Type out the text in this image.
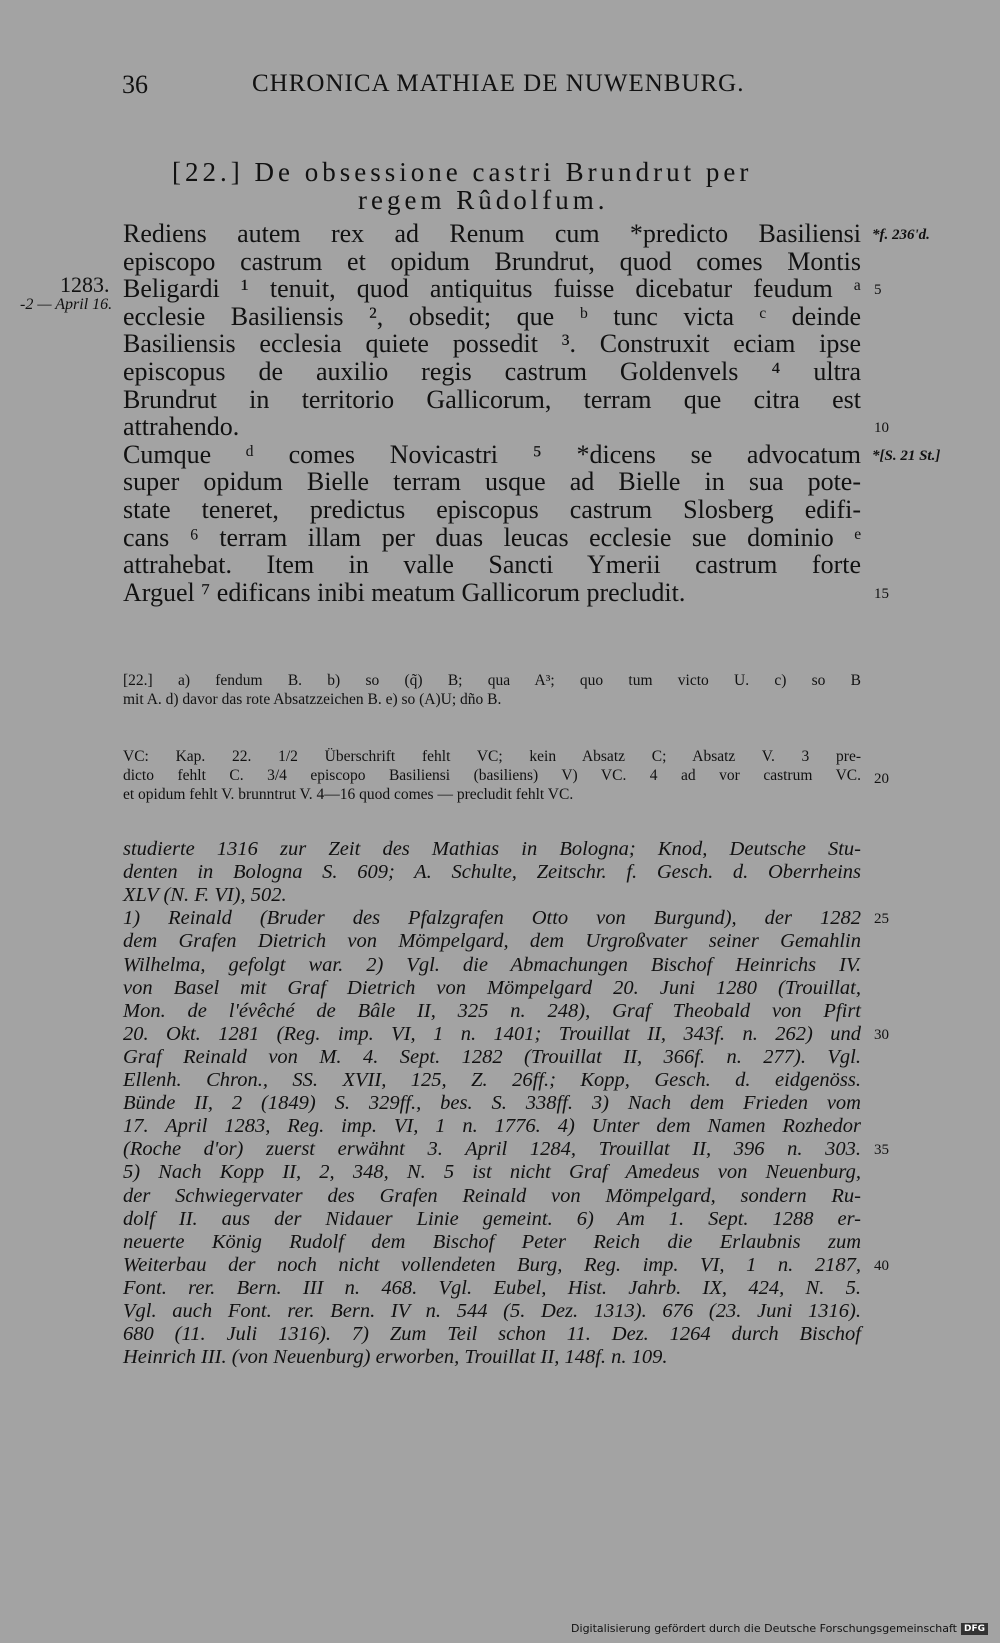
36	CHRONICA MATHIAE DE NUWENBURG.
[22.] De obsessione castri Brundrut per
regem Rûdolfum.
1283.
-2 — April 16.
Rediens autem rex ad Renum cum *predicto Basiliensi
episcopo castrum et opidum Brundrut, quod comes Montis
Beligardi ¹ tenuit, quod antiquitus fuisse dicebatur feudum ᵃ
ecclesie Basiliensis ², obsedit; que ᵇ tunc victa ᶜ deinde
Basiliensis ecclesia quiete possedit ³. Construxit eciam ipse
episcopus de auxilio regis castrum Goldenvels ⁴ ultra
Brundrut in territorio Gallicorum, terram que citra est
attrahendo.
Cumque ᵈ comes Novicastri ⁵ *dicens se advocatum
super opidum Bielle terram usque ad Bielle in sua pote-
state teneret, predictus episcopus castrum Slosberg edifi-
cans ⁶ terram illam per duas leucas ecclesie sue dominio ᵉ
attrahebat. Item in valle Sancti Ymerii castrum forte
Arguel ⁷ edificans inibi meatum Gallicorum precludit.
*f. 236'd.
5
10
*[S. 21 St.]
15
[22.] a) fendum B. b) so (q̃) B; qua A³; quo tum victo U. c) so B
mit A. d) davor das rote Absatzzeichen B. e) so (A)U; dño B.
VC: Kap. 22. 1/2 Überschrift fehlt VC; kein Absatz C; Absatz V. 3 pre-
dicto fehlt C. 3/4 episcopo Basiliensi (basiliens) V) VC. 4 ad vor castrum VC.
et opidum fehlt V. brunntrut V. 4—16 quod comes — precludit fehlt VC.
20
studierte 1316 zur Zeit des Mathias in Bologna; Knod, Deutsche Stu-
denten in Bologna S. 609; A. Schulte, Zeitschr. f. Gesch. d. Oberrheins
XLV (N. F. VI), 502.
1) Reinald (Bruder des Pfalzgrafen Otto von Burgund), der 1282
dem Grafen Dietrich von Mömpelgard, dem Urgroßvater seiner Gemahlin
Wilhelma, gefolgt war. 2) Vgl. die Abmachungen Bischof Heinrichs IV.
von Basel mit Graf Dietrich von Mömpelgard 20. Juni 1280 (Trouillat,
Mon. de l'évêché de Bâle II, 325 n. 248), Graf Theobald von Pfirt
20. Okt. 1281 (Reg. imp. VI, 1 n. 1401; Trouillat II, 343f. n. 262) und
Graf Reinald von M. 4. Sept. 1282 (Trouillat II, 366f. n. 277). Vgl.
Ellenh. Chron., SS. XVII, 125, Z. 26ff.; Kopp, Gesch. d. eidgenöss.
Bünde II, 2 (1849) S. 329ff., bes. S. 338ff. 3) Nach dem Frieden vom
17. April 1283, Reg. imp. VI, 1 n. 1776. 4) Unter dem Namen Rozhedor
(Roche d'or) zuerst erwähnt 3. April 1284, Trouillat II, 396 n. 303.
5) Nach Kopp II, 2, 348, N. 5 ist nicht Graf Amedeus von Neuenburg,
der Schwiegervater des Grafen Reinald von Mömpelgard, sondern Ru-
dolf II. aus der Nidauer Linie gemeint. 6) Am 1. Sept. 1288 er-
neuerte König Rudolf dem Bischof Peter Reich die Erlaubnis zum
Weiterbau der noch nicht vollendeten Burg, Reg. imp. VI, 1 n. 2187,
Font. rer. Bern. III n. 468. Vgl. Eubel, Hist. Jahrb. IX, 424, N. 5.
Vgl. auch Font. rer. Bern. IV n. 544 (5. Dez. 1313). 676 (23. Juni 1316).
680 (11. Juli 1316). 7) Zum Teil schon 11. Dez. 1264 durch Bischof
Heinrich III. (von Neuenburg) erworben, Trouillat II, 148f. n. 109.
25
30
35
40
Digitalisierung gefördert durch die Deutsche Forschungsgemeinschaft DFG
